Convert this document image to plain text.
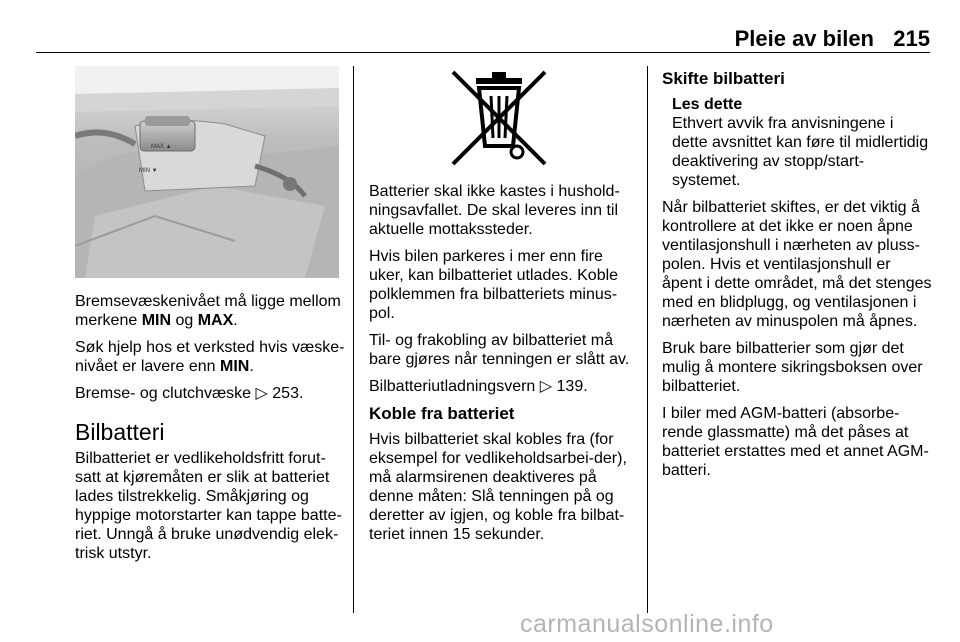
Pleie av bilen 215
MAX ▲
MIN ▼

Bremsevæskenivået må ligge mellom merkene MIN og MAX.

Søk hjelp hos et verksted hvis væske-nivået er lavere enn MIN.

Bremse- og clutchvæske ▷ 253.

Bilbatteri

Bilbatteriet er vedlikeholdsfritt forut-satt at kjøremåten er slik at batteriet lades tilstrekkelig. Småkjøring og hyppige motorstarter kan tappe batte-riet. Unngå å bruke unødvendig elek-trisk utstyr.

Batterier skal ikke kastes i hushold-ningsavfallet. De skal leveres inn til aktuelle mottakssteder.

Hvis bilen parkeres i mer enn fire uker, kan bilbatteriet utlades. Koble polklemmen fra bilbatteriets minus-pol.

Til- og frakobling av bilbatteriet må bare gjøres når tenningen er slått av.

Bilbatteriutladningsvern ▷ 139.

Koble fra batteriet

Hvis bilbatteriet skal kobles fra (for eksempel for vedlikeholdsarbei-der), må alarmsirenen deaktiveres på denne måten: Slå tenningen på og deretter av igjen, og koble fra bilbat-teriet innen 15 sekunder.

Skifte bilbatteri
Les dette

Ethvert avvik fra anvisningene i dette avsnittet kan føre til midlertidig deaktivering av stopp/start-systemet.

Når bilbatteriet skiftes, er det viktig å kontrollere at det ikke er noen åpne ventilasjonshull i nærheten av pluss-polen. Hvis et ventilasjonshull er åpent i dette området, må det stenges med en blidplugg, og ventilasjonen i nærheten av minuspolen må åpnes.

Bruk bare bilbatterier som gjør det mulig å montere sikringsboksen over bilbatteriet.

I biler med AGM-batteri (absorbe-rende glassmatte) må det påses at batteriet erstattes med et annet AGM-batteri.

carmanualsonline.info
